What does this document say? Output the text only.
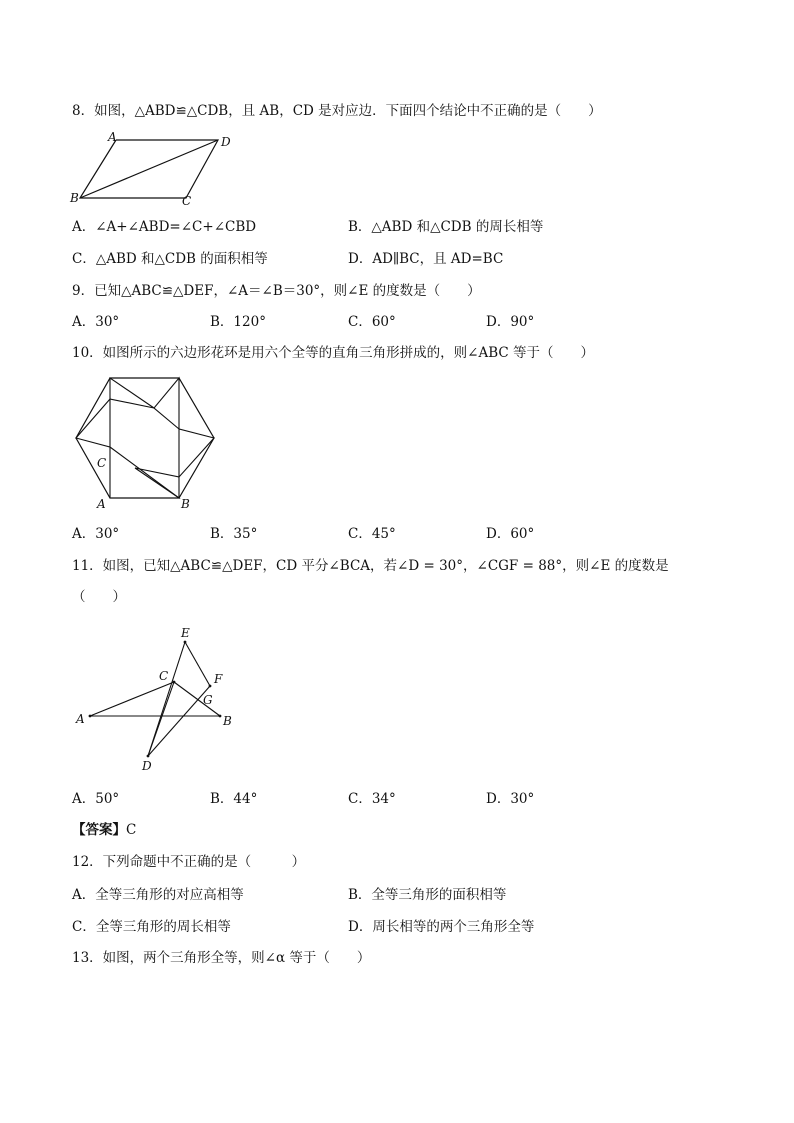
8．如图，△ABD≌△CDB，且 AB，CD 是对应边．下面四个结论中不正确的是（　　）
A	D
B	C
A．∠A+∠ABD=∠C+∠CBD	B．△ABD 和△CDB 的周长相等
C．△ABD 和△CDB 的面积相等	D．AD∥BC，且 AD=BC
9．已知△ABC≌△DEF，∠A＝∠B＝30°，则∠E 的度数是（　　）
A．30°	B．120°	C．60°	D．90°
10．如图所示的六边形花环是用六个全等的直角三角形拼成的，则∠ABC 等于（　　）
C
A	B
A．30°	B．35°	C．45°	D．60°
11．如图，已知△ABC≌△DEF，CD 平分∠BCA，若∠D = 30°，∠CGF = 88°，则∠E 的度数是
（　　）
E
C	F
G
A	B
D
A．50°	B．44°	C．34°	D．30°
【答案】C
12．下列命题中不正确的是（　　　）
A．全等三角形的对应高相等	B．全等三角形的面积相等
C．全等三角形的周长相等	D．周长相等的两个三角形全等
13．如图，两个三角形全等，则∠α 等于（　　）
